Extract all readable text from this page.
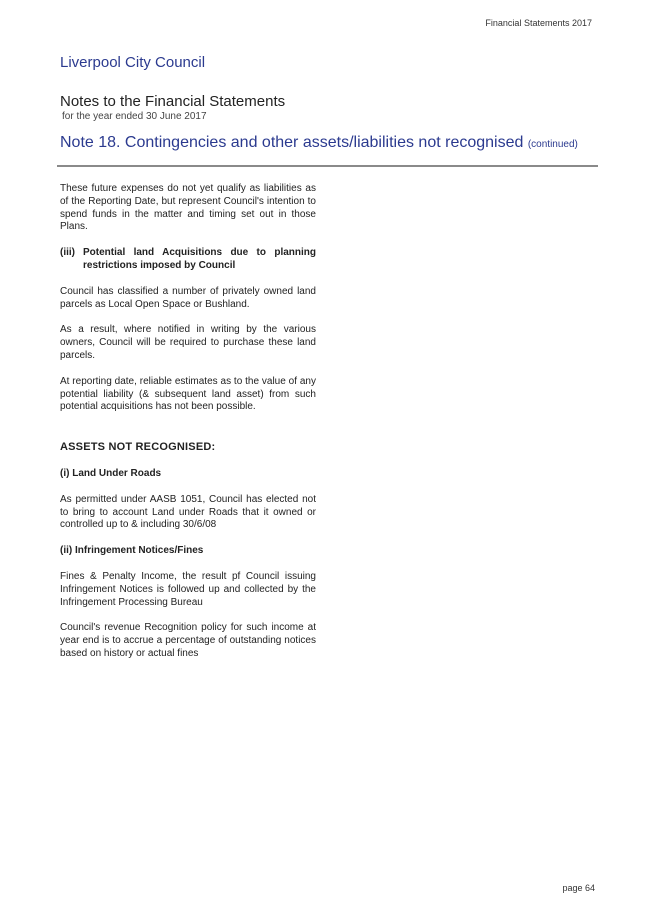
Financial Statements 2017
Liverpool City Council
Notes to the Financial Statements
for the year ended 30 June 2017
Note 18. Contingencies and other assets/liabilities not recognised (continued)

These future expenses do not yet qualify as liabilities as of the Reporting Date, but represent Council's intention to spend funds in the matter and timing set out in those Plans.

(iii) Potential land Acquisitions due to planning restrictions imposed by Council

Council has classified a number of privately owned land parcels as Local Open Space or Bushland.

As a result, where notified in writing by the various owners, Council will be required to purchase these land parcels.

At reporting date, reliable estimates as to the value of any potential liability (& subsequent land asset) from such potential acquisitions has not been possible.

ASSETS NOT RECOGNISED:
(i) Land Under Roads

As permitted under AASB 1051, Council has elected not to bring to account Land under Roads that it owned or controlled up to & including 30/6/08

(ii) Infringement Notices/Fines

Fines & Penalty Income, the result pf Council issuing Infringement Notices is followed up and collected by the Infringement Processing Bureau

Council's revenue Recognition policy for such income at year end is to accrue a percentage of outstanding notices based on history or actual fines

page 64
